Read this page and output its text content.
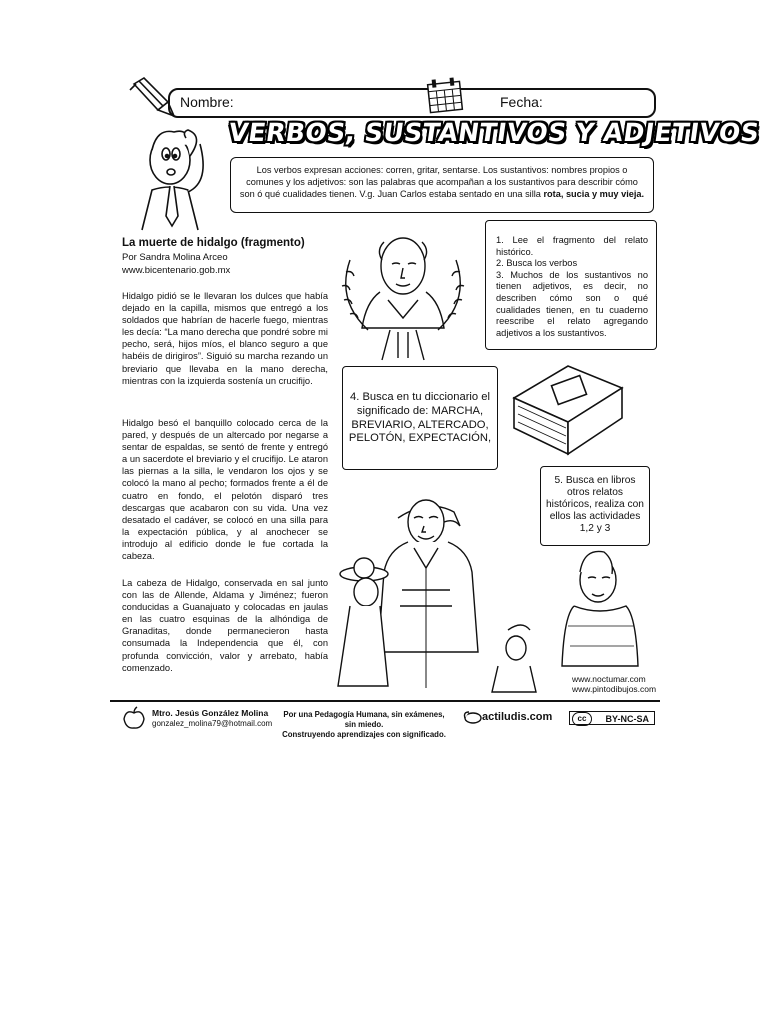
Nombre:	Fecha:
VERBOS, SUSTANTIVOS Y ADJETIVOS
Los verbos expresan acciones: corren, gritar, sentarse. Los sustantivos: nombres propios o comunes y los adjetivos: son las palabras que acompañan a los sustantivos para describir cómo son ó qué cualidades tienen. V.g. Juan Carlos estaba sentado en una silla rota, sucia y muy vieja.
La muerte de hidalgo (fragmento)
Por Sandra Molina Arceo
www.bicentenario.gob.mx
Hidalgo pidió se le llevaran los dulces que había dejado en la capilla, mismos que entregó a los soldados que habrían de hacerle fuego, mientras les decía: “La mano derecha que pondré sobre mi pecho, será, hijos míos, el blanco seguro a que habéis de dirigiros”. Siguió su marcha rezando un breviario que llevaba en la mano derecha, mientras con la izquierda sostenía un crucifijo.
Hidalgo besó el banquillo colocado cerca de la pared, y después de un altercado por negarse a sentar de espaldas, se sentó de frente y entregó a un sacerdote el breviario y el crucifijo. Le ataron las piernas a la silla, le vendaron los ojos y se colocó la mano al pecho; formados frente a él de cuatro en fondo, el pelotón disparó tres descargas que acabaron con su vida. Una vez desatado el cadáver, se colocó en una silla para la expectación pública, y al anochecer se introdujo al edificio donde le fue cortada la cabeza.
La cabeza de Hidalgo, conservada en sal junto con las de Allende, Aldama y Jiménez; fueron conducidas a Guanajuato y colocadas en jaulas en las cuatro esquinas de la alhóndiga de Granaditas, donde permanecieron hasta consumada la Independencia que él, con profunda convicción, valor y arrebato, había comenzado.
1. Lee el fragmento del relato histórico.
2. Busca los verbos
3. Muchos de los sustantivos no tienen adjetivos, es decir, no describen cómo son o qué cualidades tienen, en tu cuaderno reescribe el relato agregando adjetivos a los sustantivos.
4. Busca en tu diccionario el significado de: MARCHA, BREVIARIO, ALTERCADO, PELOTÓN, EXPECTACIÓN,
5. Busca en libros otros relatos históricos, realiza con ellos las actividades 1,2 y 3
www.noctumar.com
www.pintodibujos.com
Mtro. Jesús González Molina
gonzalez_molina79@hotmail.com
Por una Pedagogía Humana, sin exámenes, sin miedo.
Construyendo aprendizajes con significado.
actiludis.com	cc	BY-NC-SA
